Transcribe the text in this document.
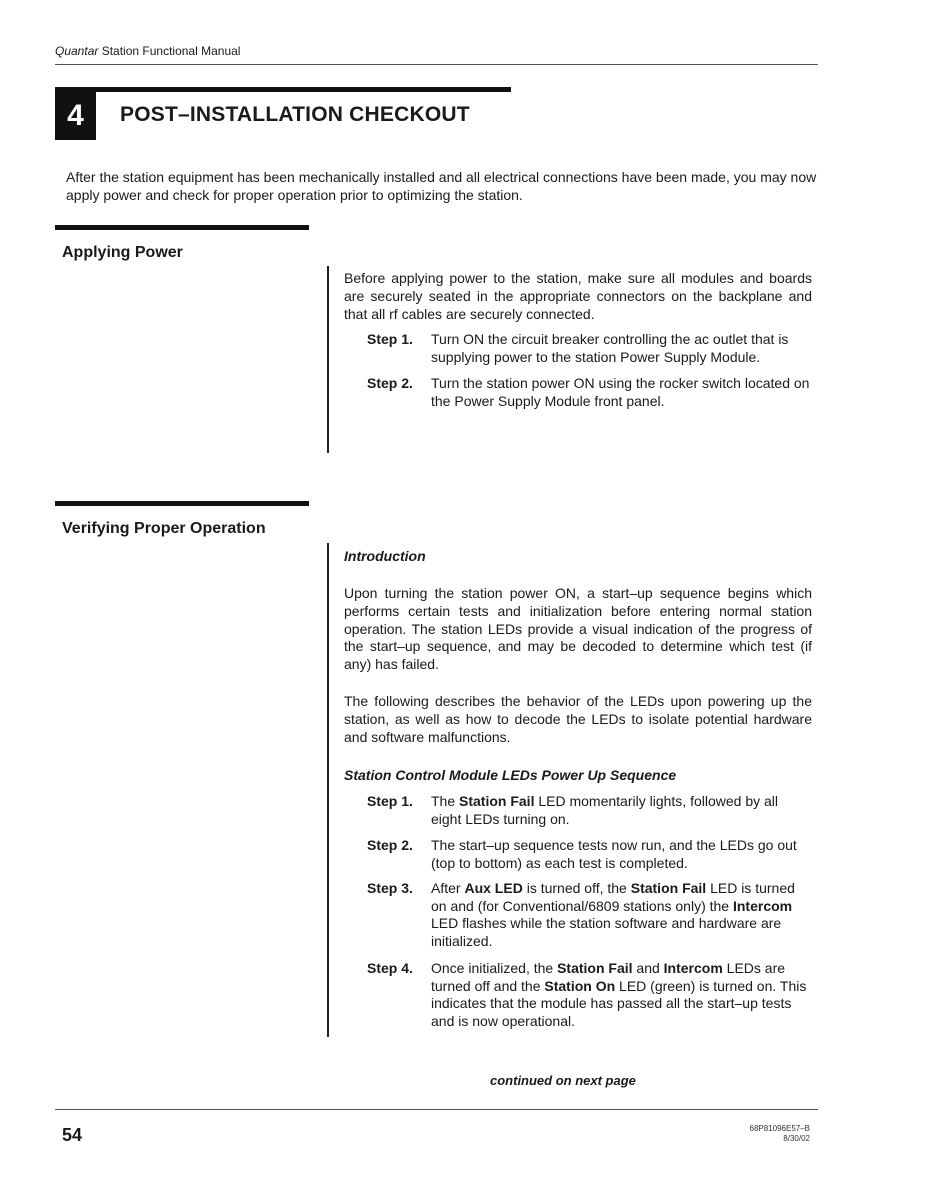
Quantar Station Functional Manual
4	POST–INSTALLATION CHECKOUT
After the station equipment has been mechanically installed and all electrical connections have been made, you may now apply power and check for proper operation prior to optimizing the station.
Applying Power
Before applying power to the station, make sure all modules and boards are securely seated in the appropriate connectors on the backplane and that all rf cables are securely connected.
Step 1. Turn ON the circuit breaker controlling the ac outlet that is supplying power to the station Power Supply Module.
Step 2. Turn the station power ON using the rocker switch located on the Power Supply Module front panel.
Verifying Proper Operation
Introduction
Upon turning the station power ON, a start–up sequence begins which performs certain tests and initialization before entering normal station operation. The station LEDs provide a visual indication of the progress of the start–up sequence, and may be decoded to determine which test (if any) has failed.
The following describes the behavior of the LEDs upon powering up the station, as well as how to decode the LEDs to isolate potential hardware and software malfunctions.
Station Control Module LEDs Power Up Sequence
Step 1. The Station Fail LED momentarily lights, followed by all eight LEDs turning on.
Step 2. The start–up sequence tests now run, and the LEDs go out (top to bottom) as each test is completed.
Step 3. After Aux LED is turned off, the Station Fail LED is turned on and (for Conventional/6809 stations only) the Intercom LED flashes while the station software and hardware are initialized.
Step 4. Once initialized, the Station Fail and Intercom LEDs are turned off and the Station On LED (green) is turned on. This indicates that the module has passed all the start–up tests and is now operational.
continued on next page
54	68P81096E57–B
8/30/02
